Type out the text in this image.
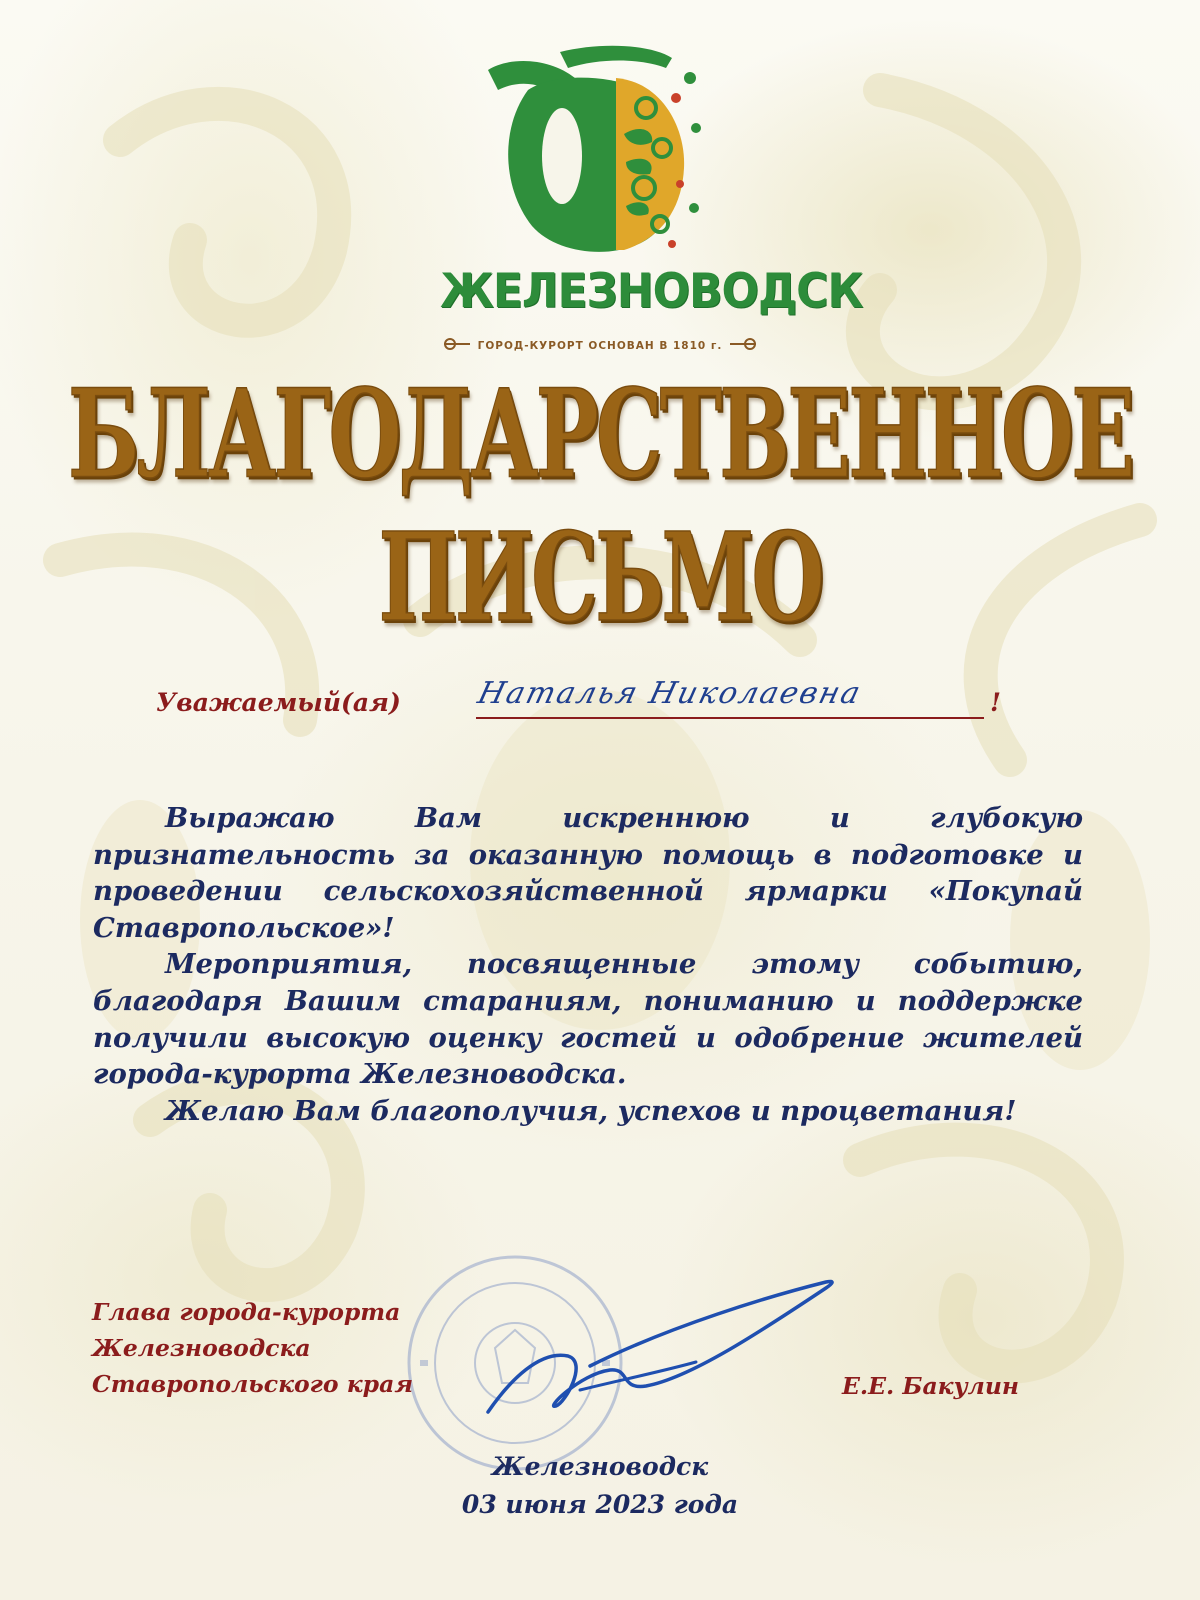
ЖЕЛЕЗНОВОДСК
ГОРОД-КУРОРТ ОСНОВАН В 1810 г.
БЛАГОДАРСТВЕННОЕ ПИСЬМО
Уважаемый(ая) Наталья Николаевна	!

Выражаю Вам искреннюю и глубокую признательность за оказанную помощь в подготовке и проведении сельскохозяйственной ярмарки «Покупай Ставропольское»!

Мероприятия, посвященные этому событию, благодаря Вашим стараниям, пониманию и поддержке получили высокую оценку гостей и одобрение жителей города-курорта Железноводска.

Желаю Вам благополучия, успехов и процветания!

Глава города-курорта
Железноводска
Ставропольского края	Е.Е. Бакулин
Железноводск
03 июня 2023 года
